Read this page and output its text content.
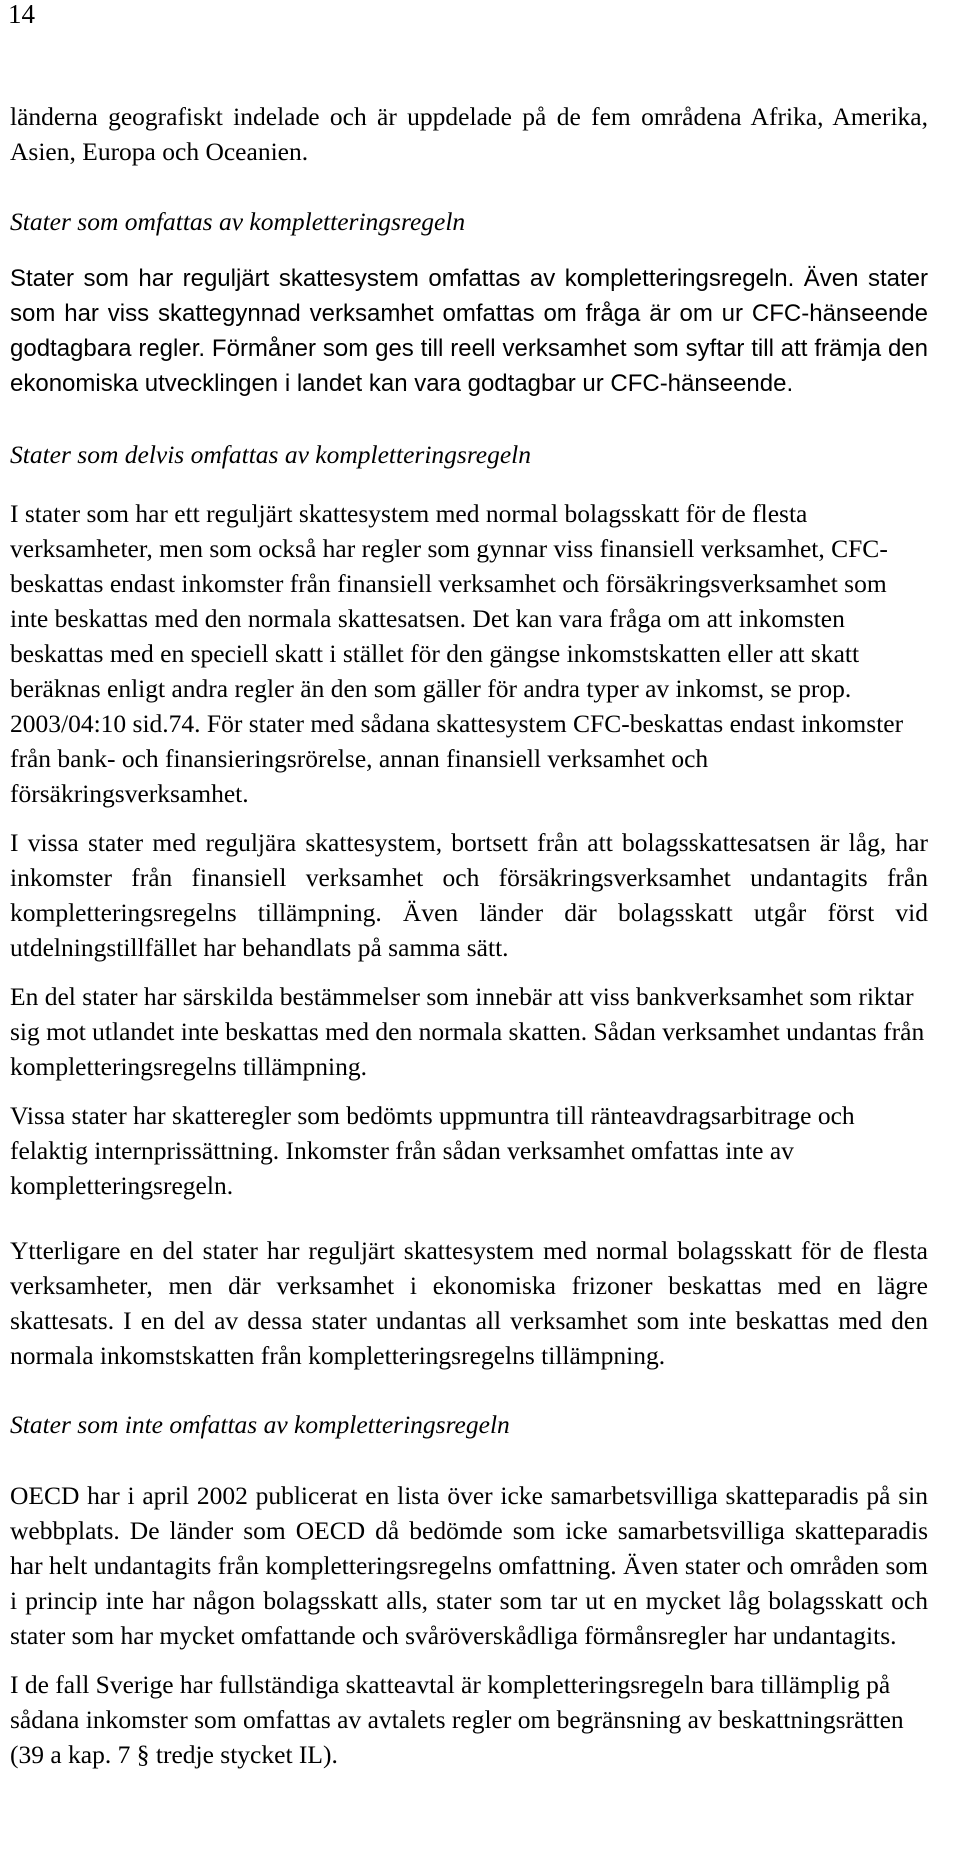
14

länderna geografiskt indelade och är uppdelade på de fem områdena Afrika, Amerika, Asien, Europa och Oceanien.

Stater som omfattas av kompletteringsregeln

Stater som har reguljärt skattesystem omfattas av kompletteringsregeln. Även stater som har viss skattegynnad verksamhet omfattas om fråga är om ur CFC-hänseende godtagbara regler. Förmåner som ges till reell verksamhet som syftar till att främja den ekonomiska utvecklingen i landet kan vara godtagbar ur CFC-hänseende.

Stater som delvis omfattas av kompletteringsregeln

I stater som har ett reguljärt skattesystem med normal bolagsskatt för de flesta verksamheter, men som också har regler som gynnar viss finansiell verksamhet, CFC-beskattas endast inkomster från finansiell verksamhet och försäkringsverksamhet som inte beskattas med den normala skattesatsen. Det kan vara fråga om att inkomsten beskattas med en speciell skatt i stället för den gängse inkomstskatten eller att skatt beräknas enligt andra regler än den som gäller för andra typer av inkomst, se prop. 2003/04:10 sid.74. För stater med sådana skattesystem CFC-beskattas endast inkomster från bank- och finansieringsrörelse, annan finansiell verksamhet och försäkringsverksamhet.

I vissa stater med reguljära skattesystem, bortsett från att bolagsskattesatsen är låg, har inkomster från finansiell verksamhet och försäkringsverksamhet undantagits från kompletteringsregelns tillämpning. Även länder där bolagsskatt utgår först vid utdelningstillfället har behandlats på samma sätt.

En del stater har särskilda bestämmelser som innebär att viss bankverksamhet som riktar sig mot utlandet inte beskattas med den normala skatten. Sådan verksamhet undantas från kompletteringsregelns tillämpning.

Vissa stater har skatteregler som bedömts uppmuntra till ränteavdragsarbitrage och felaktig internprissättning. Inkomster från sådan verksamhet omfattas inte av kompletteringsregeln.

Ytterligare en del stater har reguljärt skattesystem med normal bolagsskatt för de flesta verksamheter, men där verksamhet i ekonomiska frizoner beskattas med en lägre skattesats. I en del av dessa stater undantas all verksamhet som inte beskattas med den normala inkomstskatten från kompletteringsregelns tillämpning.

Stater som inte omfattas av kompletteringsregeln

OECD har i april 2002 publicerat en lista över icke samarbetsvilliga skatteparadis på sin webbplats. De länder som OECD då bedömde som icke samarbetsvilliga skatteparadis har helt undantagits från kompletteringsregelns omfattning. Även stater och områden som i princip inte har någon bolagsskatt alls, stater som tar ut en mycket låg bolagsskatt och stater som har mycket omfattande och svåröverskådliga förmånsregler har undantagits.

I de fall Sverige har fullständiga skatteavtal är kompletteringsregeln bara tillämplig på sådana inkomster som omfattas av avtalets regler om begränsning av beskattningsrätten (39 a kap. 7 § tredje stycket IL).
